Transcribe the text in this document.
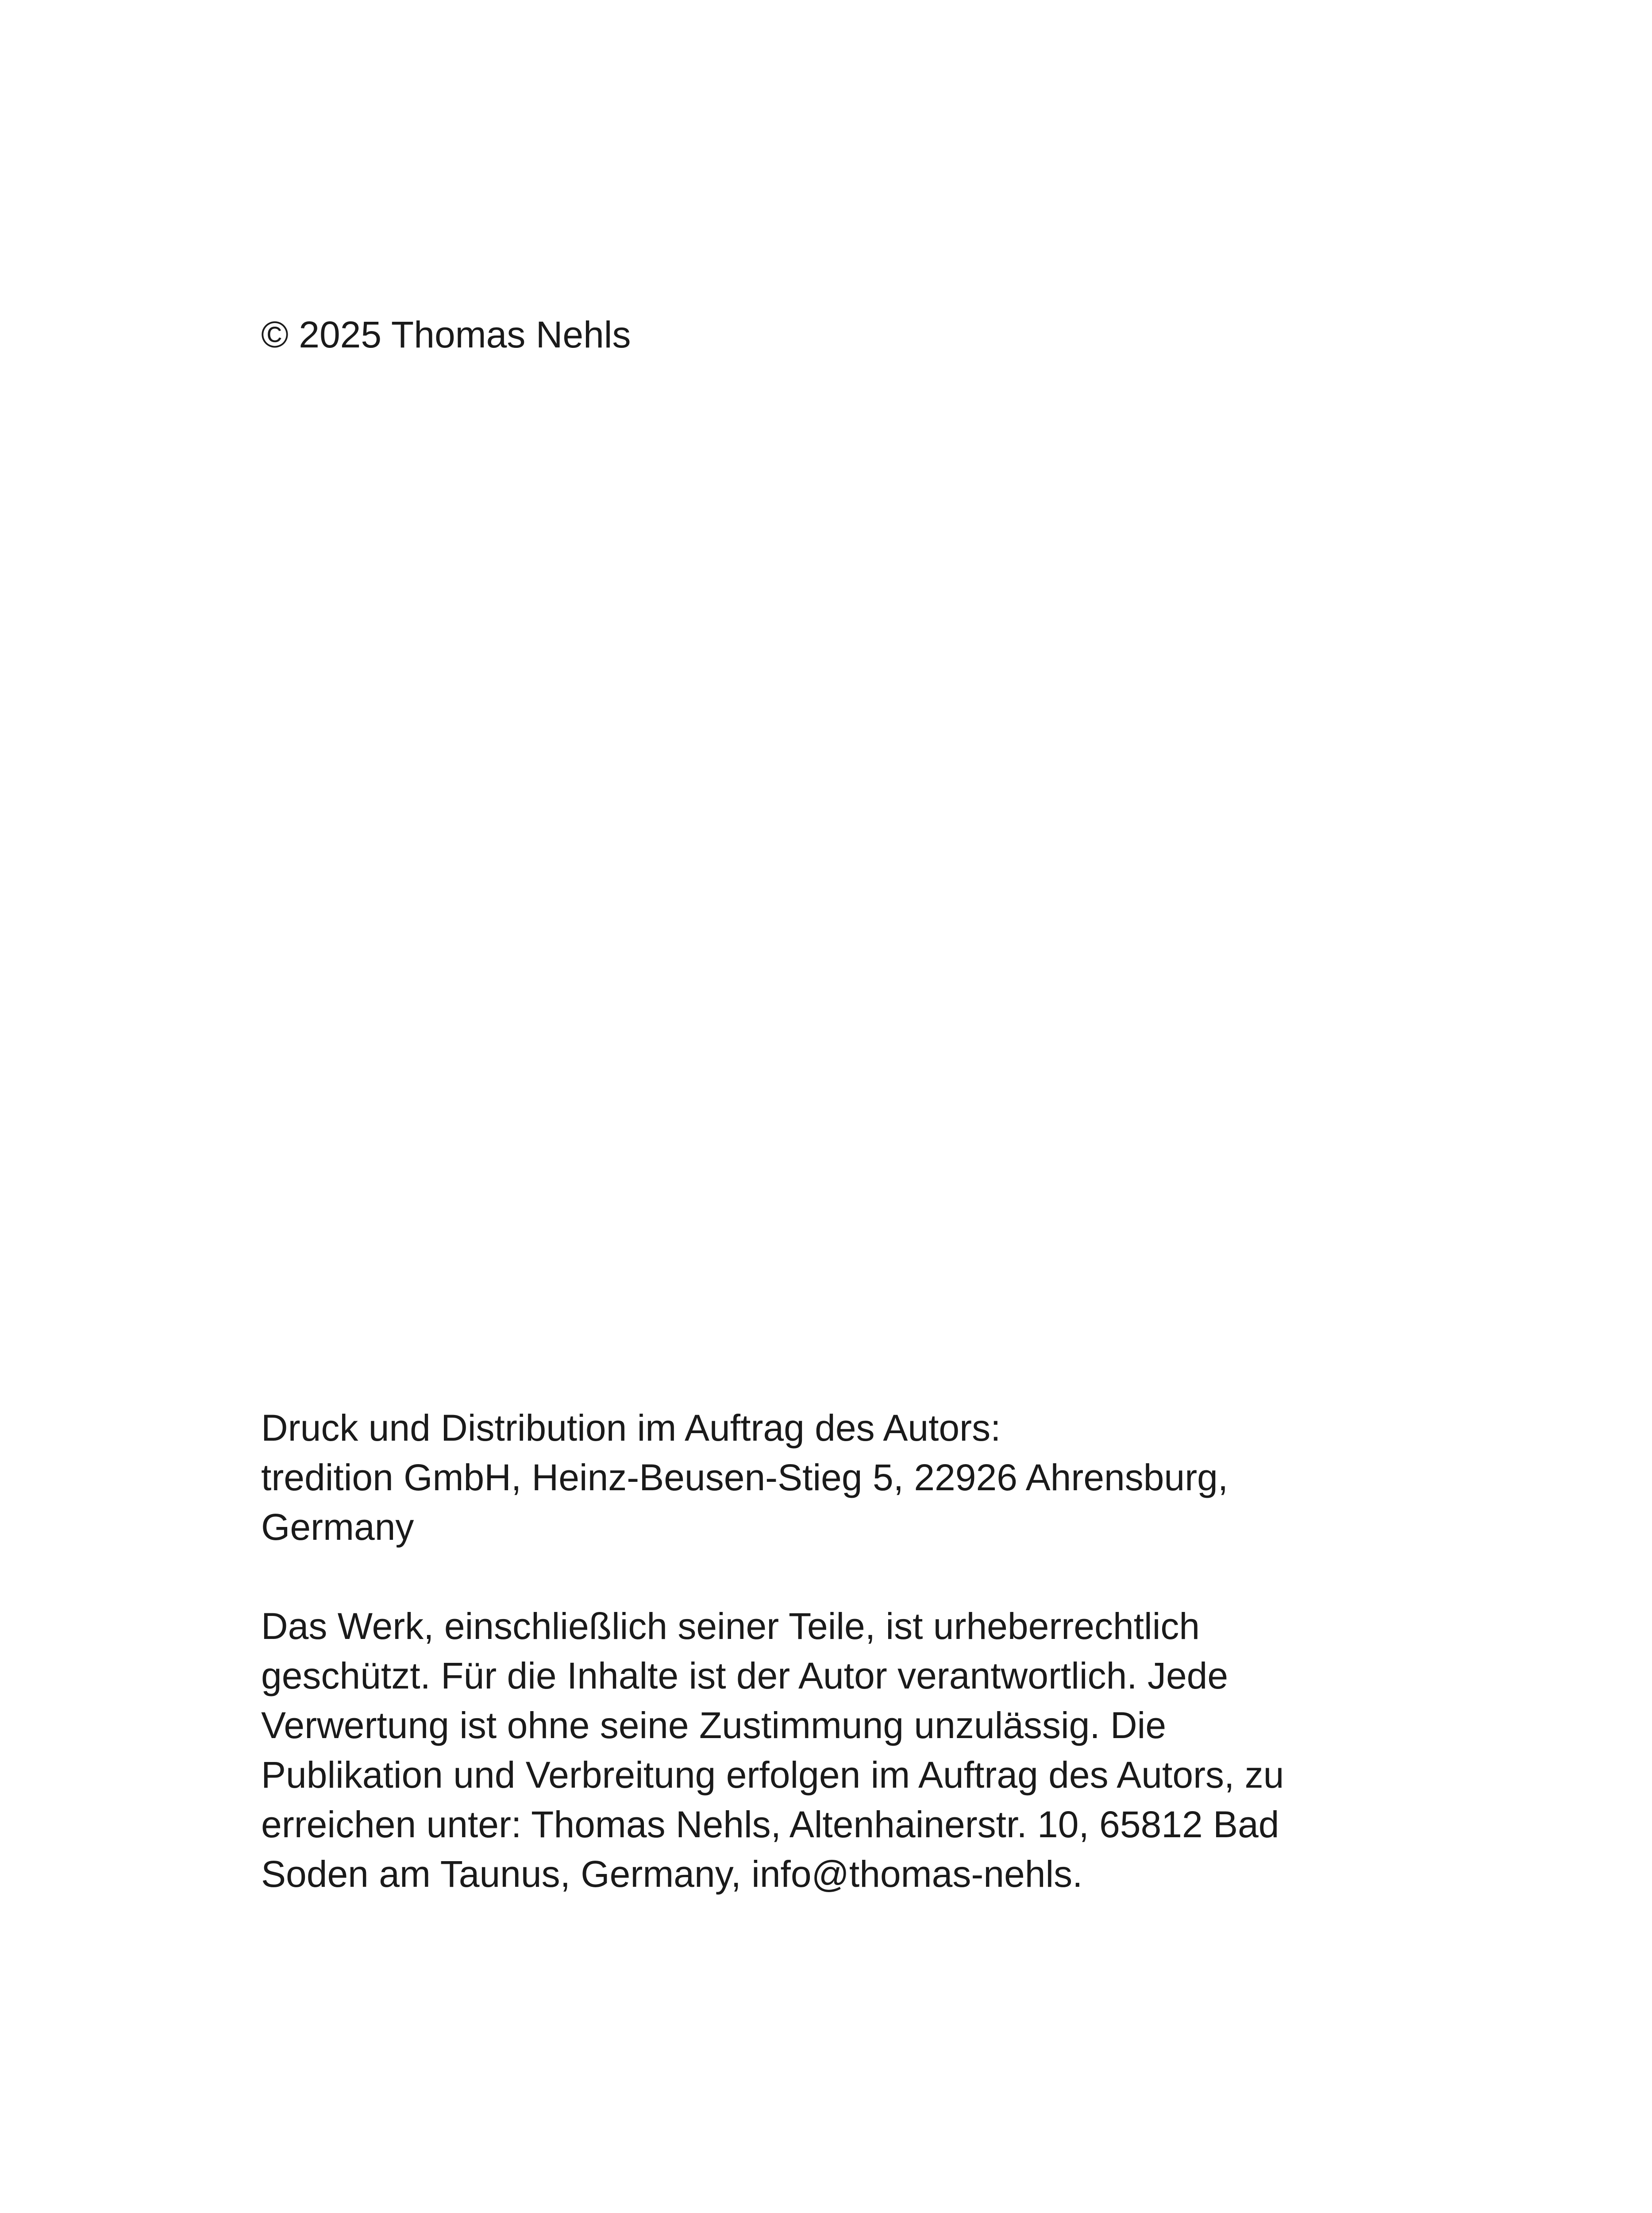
© 2025 Thomas Nehls
Druck und Distribution im Auftrag des Autors:
tredition GmbH, Heinz-Beusen-Stieg 5, 22926 Ahrensburg,
Germany
Das Werk, einschließlich seiner Teile, ist urheberrechtlich
geschützt. Für die Inhalte ist der Autor verantwortlich. Jede
Verwertung ist ohne seine Zustimmung unzulässig. Die
Publikation und Verbreitung erfolgen im Auftrag des Autors, zu
erreichen unter: Thomas Nehls, Altenhainerstr. 10, 65812 Bad
Soden am Taunus, Germany, info@thomas-nehls.
